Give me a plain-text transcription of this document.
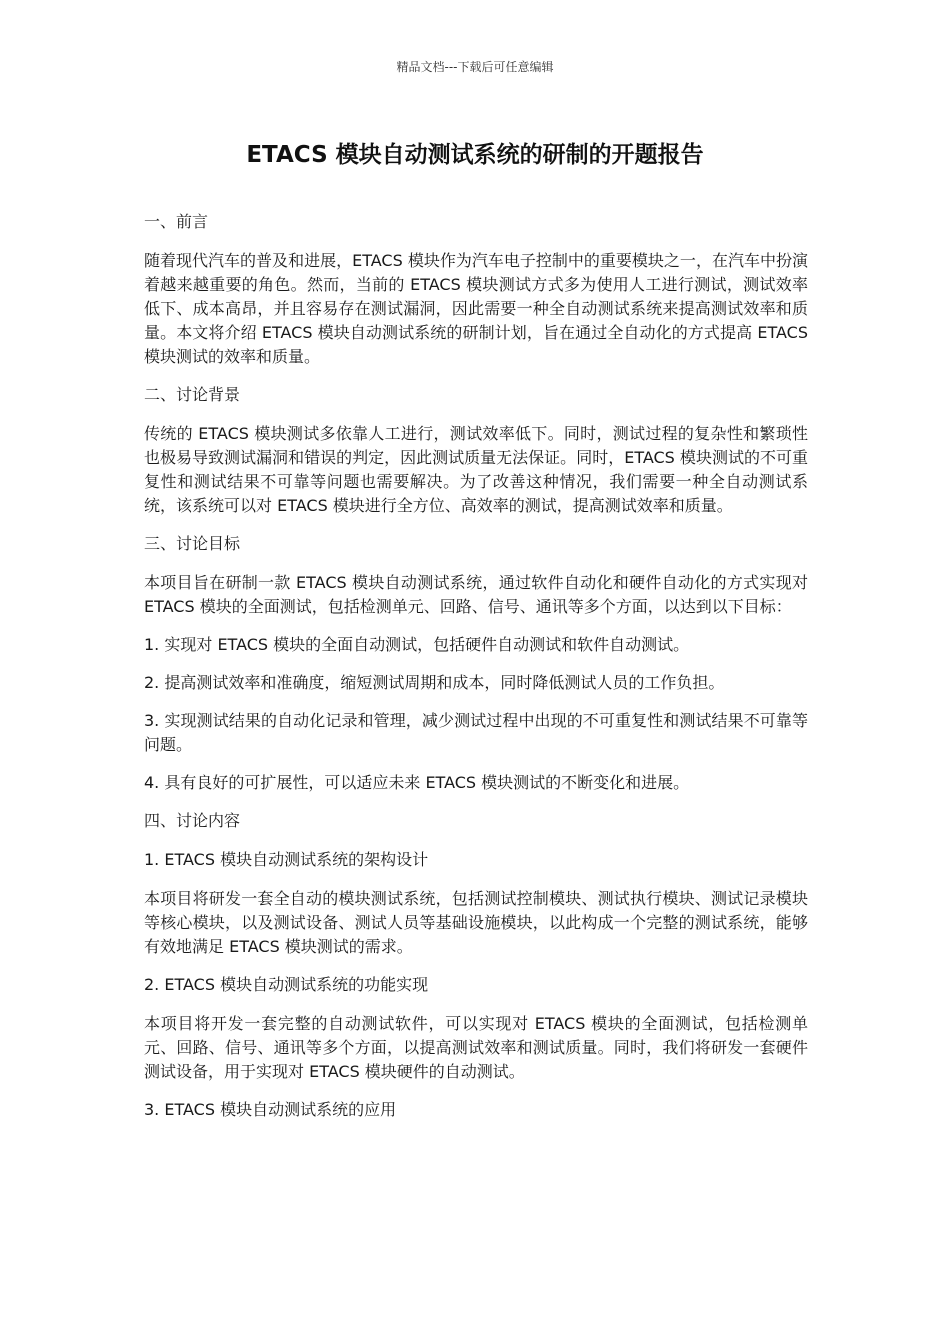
精品文档---下载后可任意编辑
ETACS 模块自动测试系统的研制的开题报告

一、前言

随着现代汽车的普及和进展，ETACS 模块作为汽车电子控制中的重要模块之一，在汽车中扮演着越来越重要的角色。然而，当前的 ETACS 模块测试方式多为使用人工进行测试，测试效率低下、成本高昂，并且容易存在测试漏洞，因此需要一种全自动测试系统来提高测试效率和质量。本文将介绍 ETACS 模块自动测试系统的研制计划，旨在通过全自动化的方式提高 ETACS 模块测试的效率和质量。

二、讨论背景

传统的 ETACS 模块测试多依靠人工进行，测试效率低下。同时，测试过程的复杂性和繁琐性也极易导致测试漏洞和错误的判定，因此测试质量无法保证。同时，ETACS 模块测试的不可重复性和测试结果不可靠等问题也需要解决。为了改善这种情况，我们需要一种全自动测试系统，该系统可以对 ETACS 模块进行全方位、高效率的测试，提高测试效率和质量。

三、讨论目标

本项目旨在研制一款 ETACS 模块自动测试系统，通过软件自动化和硬件自动化的方式实现对 ETACS 模块的全面测试，包括检测单元、回路、信号、通讯等多个方面，以达到以下目标：

1. 实现对 ETACS 模块的全面自动测试，包括硬件自动测试和软件自动测试。

2. 提高测试效率和准确度，缩短测试周期和成本，同时降低测试人员的工作负担。

3. 实现测试结果的自动化记录和管理，减少测试过程中出现的不可重复性和测试结果不可靠等问题。

4. 具有良好的可扩展性，可以适应未来 ETACS 模块测试的不断变化和进展。

四、讨论内容

1. ETACS 模块自动测试系统的架构设计

本项目将研发一套全自动的模块测试系统，包括测试控制模块、测试执行模块、测试记录模块等核心模块，以及测试设备、测试人员等基础设施模块，以此构成一个完整的测试系统，能够有效地满足 ETACS 模块测试的需求。

2. ETACS 模块自动测试系统的功能实现

本项目将开发一套完整的自动测试软件，可以实现对 ETACS 模块的全面测试，包括检测单元、回路、信号、通讯等多个方面，以提高测试效率和测试质量。同时，我们将研发一套硬件测试设备，用于实现对 ETACS 模块硬件的自动测试。

3. ETACS 模块自动测试系统的应用
